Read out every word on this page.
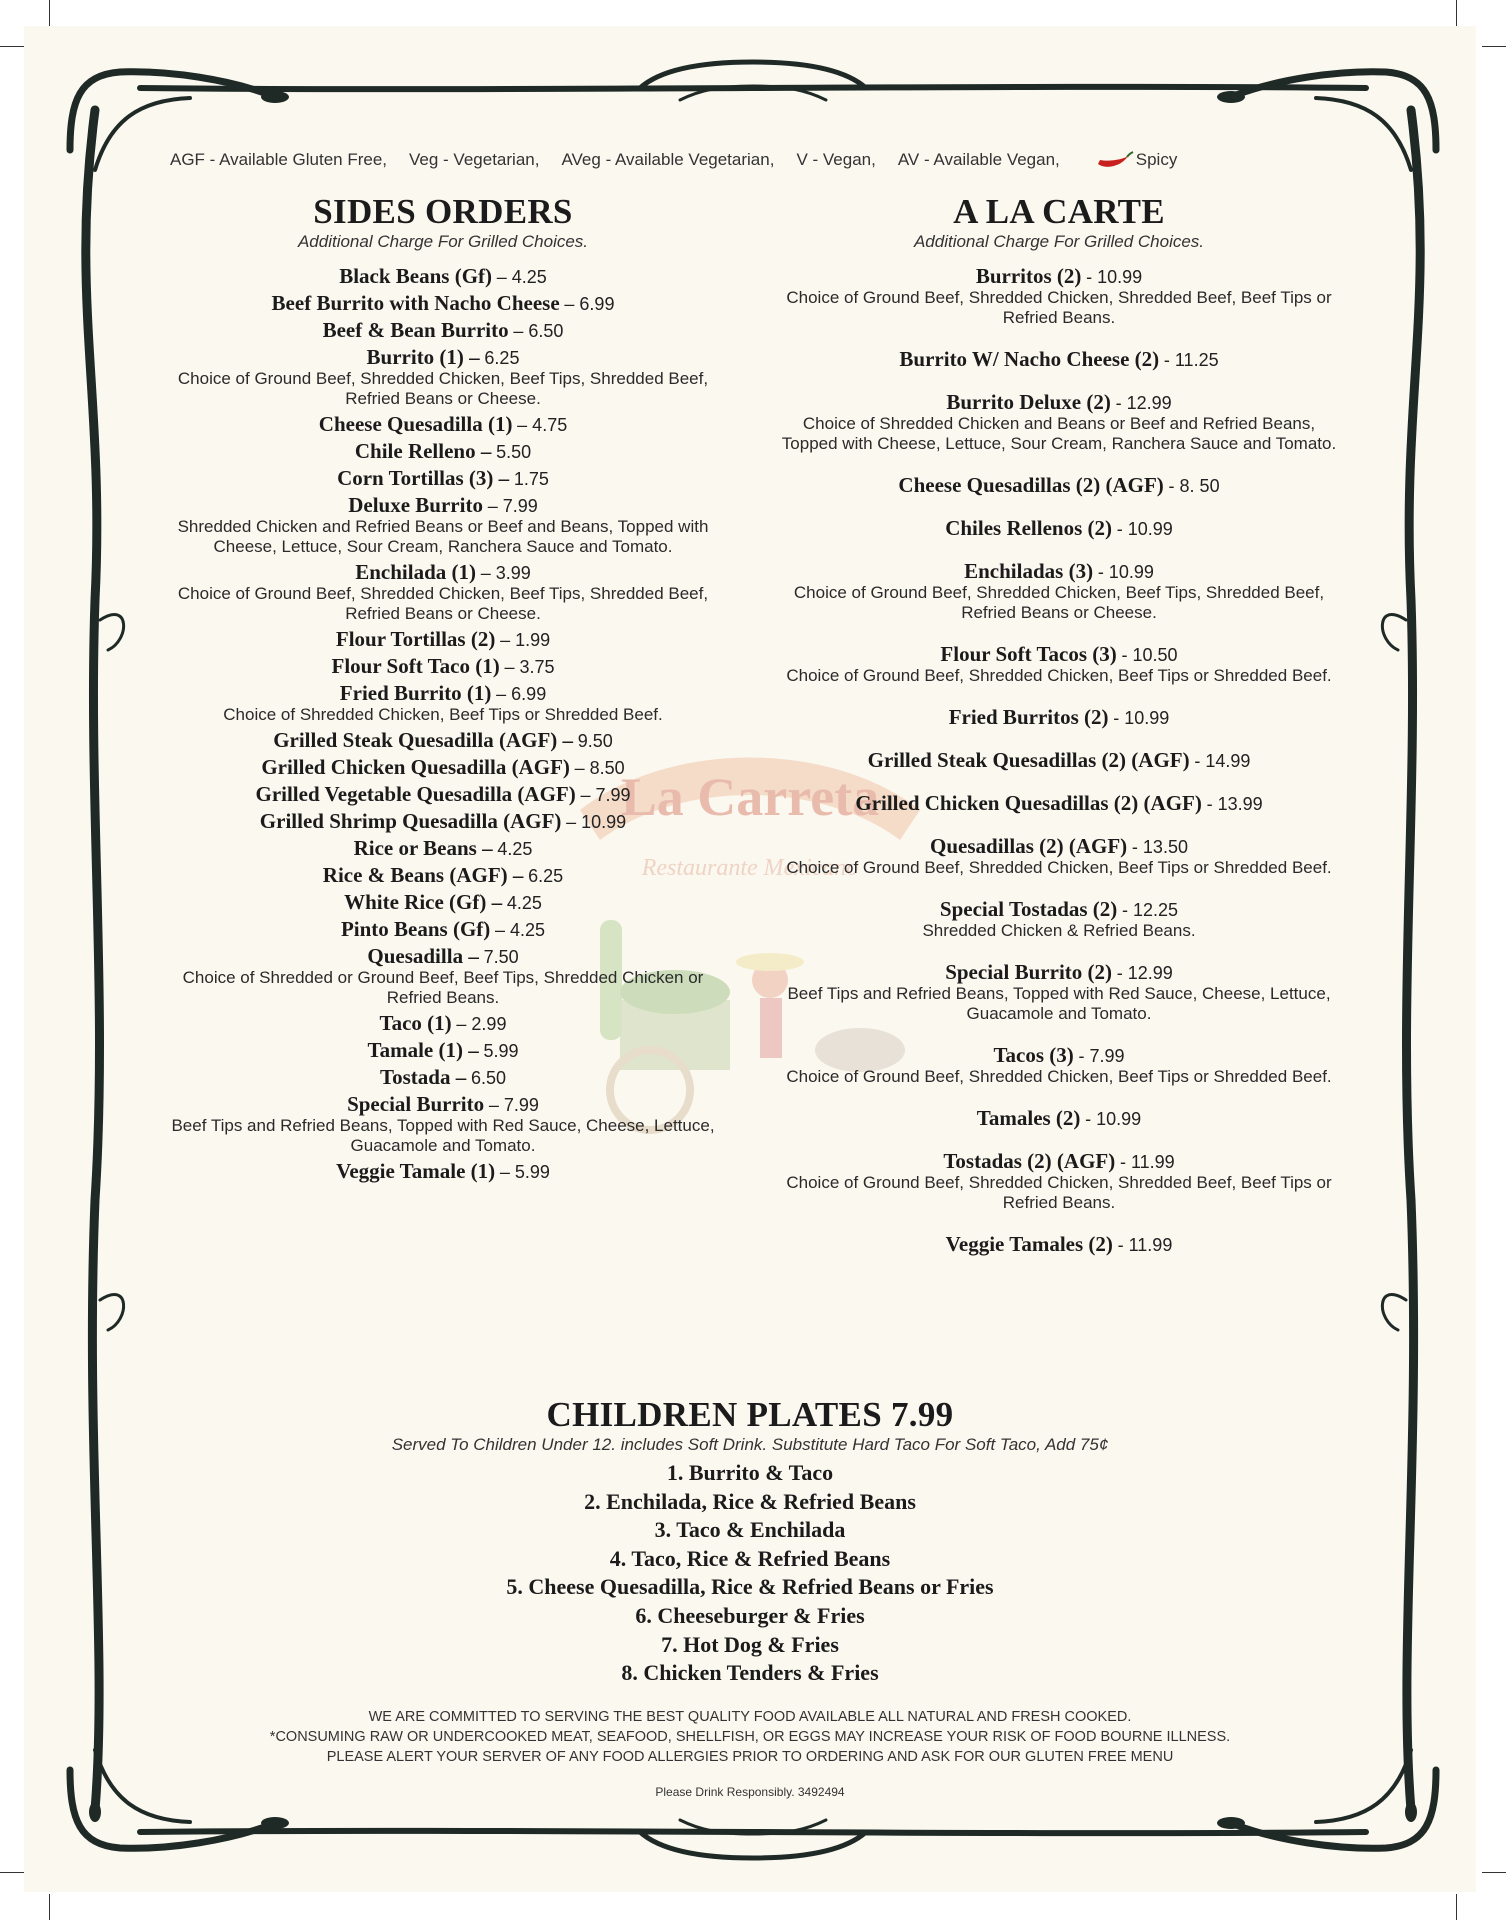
La Carreta
Restaurante Mexicano
AGF - Available Gluten Free, Veg - Vegetarian, AVeg - Available Vegetarian, V - Vegan, AV - Available Vegan,	Spicy
SIDES ORDERS
Additional Charge For Grilled Choices.
Black Beans (Gf) – 4.25
Beef Burrito with Nacho Cheese – 6.99
Beef & Bean Burrito – 6.50
Burrito (1) – 6.25
Choice of Ground Beef, Shredded Chicken, Beef Tips, Shredded Beef, Refried Beans or Cheese.
Cheese Quesadilla (1) – 4.75
Chile Relleno – 5.50
Corn Tortillas (3) – 1.75
Deluxe Burrito – 7.99
Shredded Chicken and Refried Beans or Beef and Beans, Topped with Cheese, Lettuce, Sour Cream, Ranchera Sauce and Tomato.
Enchilada (1) – 3.99
Choice of Ground Beef, Shredded Chicken, Beef Tips, Shredded Beef, Refried Beans or Cheese.
Flour Tortillas (2) – 1.99
Flour Soft Taco (1) – 3.75
Fried Burrito (1) – 6.99
Choice of Shredded Chicken, Beef Tips or Shredded Beef.
Grilled Steak Quesadilla (AGF) – 9.50
Grilled Chicken Quesadilla (AGF) – 8.50
Grilled Vegetable Quesadilla (AGF) – 7.99
Grilled Shrimp Quesadilla (AGF) – 10.99
Rice or Beans – 4.25
Rice & Beans (AGF) – 6.25
White Rice (Gf) – 4.25
Pinto Beans (Gf) – 4.25
Quesadilla – 7.50
Choice of Shredded or Ground Beef, Beef Tips, Shredded Chicken or Refried Beans.
Taco (1) – 2.99
Tamale (1) – 5.99
Tostada – 6.50
Special Burrito – 7.99
Beef Tips and Refried Beans, Topped with Red Sauce, Cheese, Lettuce, Guacamole and Tomato.
Veggie Tamale (1) – 5.99
A LA CARTE
Additional Charge For Grilled Choices.
Burritos (2) - 10.99
Choice of Ground Beef, Shredded Chicken, Shredded Beef, Beef Tips or Refried Beans.
Burrito W/ Nacho Cheese (2) - 11.25
Burrito Deluxe (2) - 12.99
Choice of Shredded Chicken and Beans or Beef and Refried Beans, Topped with Cheese, Lettuce, Sour Cream, Ranchera Sauce and Tomato.
Cheese Quesadillas (2) (AGF) - 8. 50
Chiles Rellenos (2) - 10.99
Enchiladas (3) - 10.99
Choice of Ground Beef, Shredded Chicken, Beef Tips, Shredded Beef, Refried Beans or Cheese.
Flour Soft Tacos (3) - 10.50
Choice of Ground Beef, Shredded Chicken, Beef Tips or Shredded Beef.
Fried Burritos (2) - 10.99
Grilled Steak Quesadillas (2) (AGF) - 14.99
Grilled Chicken Quesadillas (2) (AGF) - 13.99
Quesadillas (2) (AGF) - 13.50
Choice of Ground Beef, Shredded Chicken, Beef Tips or Shredded Beef.
Special Tostadas (2) - 12.25
Shredded Chicken & Refried Beans.
Special Burrito (2) - 12.99
Beef Tips and Refried Beans, Topped with Red Sauce, Cheese, Lettuce, Guacamole and Tomato.
Tacos (3) - 7.99
Choice of Ground Beef, Shredded Chicken, Beef Tips or Shredded Beef.
Tamales (2) - 10.99
Tostadas (2) (AGF) - 11.99
Choice of Ground Beef, Shredded Chicken, Shredded Beef, Beef Tips or Refried Beans.
Veggie Tamales (2) - 11.99
CHILDREN PLATES 7.99
Served To Children Under 12. includes Soft Drink. Substitute Hard Taco For Soft Taco, Add 75¢
1. Burrito & Taco
2. Enchilada, Rice & Refried Beans
3. Taco & Enchilada
4. Taco, Rice & Refried Beans
5. Cheese Quesadilla, Rice & Refried Beans or Fries
6. Cheeseburger & Fries
7. Hot Dog & Fries
8. Chicken Tenders & Fries
WE ARE COMMITTED TO SERVING THE BEST QUALITY FOOD AVAILABLE ALL NATURAL AND FRESH COOKED.
*CONSUMING RAW OR UNDERCOOKED MEAT, SEAFOOD, SHELLFISH, OR EGGS MAY INCREASE YOUR RISK OF FOOD BOURNE ILLNESS.
PLEASE ALERT YOUR SERVER OF ANY FOOD ALLERGIES PRIOR TO ORDERING AND ASK FOR OUR GLUTEN FREE MENU
Please Drink Responsibly. 3492494
